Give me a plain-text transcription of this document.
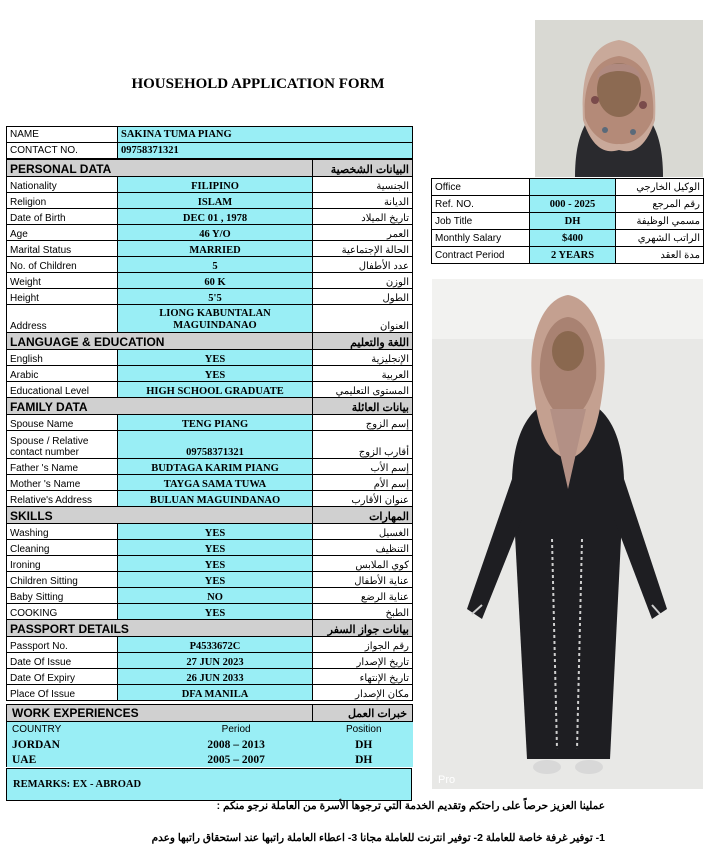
HOUSEHOLD APPLICATION FORM
NAME	SAKINA TUMA PIANG
CONTACT NO.	09758371321
PERSONAL DATA		البيانات الشخصية
Nationality	FILIPINO	الجنسية
Religion	ISLAM	الديانة
Date of Birth	DEC 01 , 1978	تاريخ الميلاد
Age	46 Y/O	العمر
Marital Status	MARRIED	الحالة الإجتماعية
No. of Children	5	عدد الأطفال
Weight	60 K	الوزن
Height	5'5	الطول
Address	LIONG KABUNTALAN MAGUINDANAO	العنوان
LANGUAGE & EDUCATION		اللغة والتعليم
English	YES	الإنجليزية
Arabic	YES	العربية
Educational Level	HIGH SCHOOL GRADUATE	المستوى التعليمي
FAMILY DATA		بيانات العائلة
Spouse Name	TENG PIANG	إسم الزوج
Spouse / Relative contact number	09758371321	أقارب الزوج
Father 's Name	BUDTAGA KARIM PIANG	إسم الأب
Mother 's Name	TAYGA SAMA TUWA	إسم الأم
Relative's Address	BULUAN MAGUINDANAO	عنوان الأقارب
SKILLS		المهارات
Washing	YES	الغسيل
Cleaning	YES	التنظيف
Ironing	YES	كوي الملابس
Children Sitting	YES	عناية الأطفال
Baby Sitting	NO	عناية الرضع
COOKING	YES	الطبخ
PASSPORT DETAILS		بيانات جواز السفر
Passport No.	P4533672C	رقم الجواز
Date Of Issue	27 JUN 2023	تاريخ الإصدار
Date Of Expiry	26 JUN 2033	تاريخ الإنتهاء
Place Of Issue	DFA MANILA	مكان الإصدار
WORK EXPERIENCES	خبرات العمل
COUNTRY	Period	Position
JORDAN	2008 – 2013	DH
UAE	2005 – 2007	DH
REMARKS: EX - ABROAD
Office		الوكيل الخارجي
Ref. NO.	000 - 2025	رقم المرجع
Job Title	DH	مسمي الوظيفة
Monthly Salary	$400	الراتب الشهري
Contract Period	2 YEARS	مدة العقد
Pro
عملينا العزيز حرصاً على راحتكم وتقديم الخدمة التي ترجوها الأسرة من العاملة نرجو منكم :
1- توفير غرفة خاصة للعاملة 2- توفير انترنت للعاملة مجانا 3- اعطاء العاملة راتبها عند استحقاق راتبها وعدم
